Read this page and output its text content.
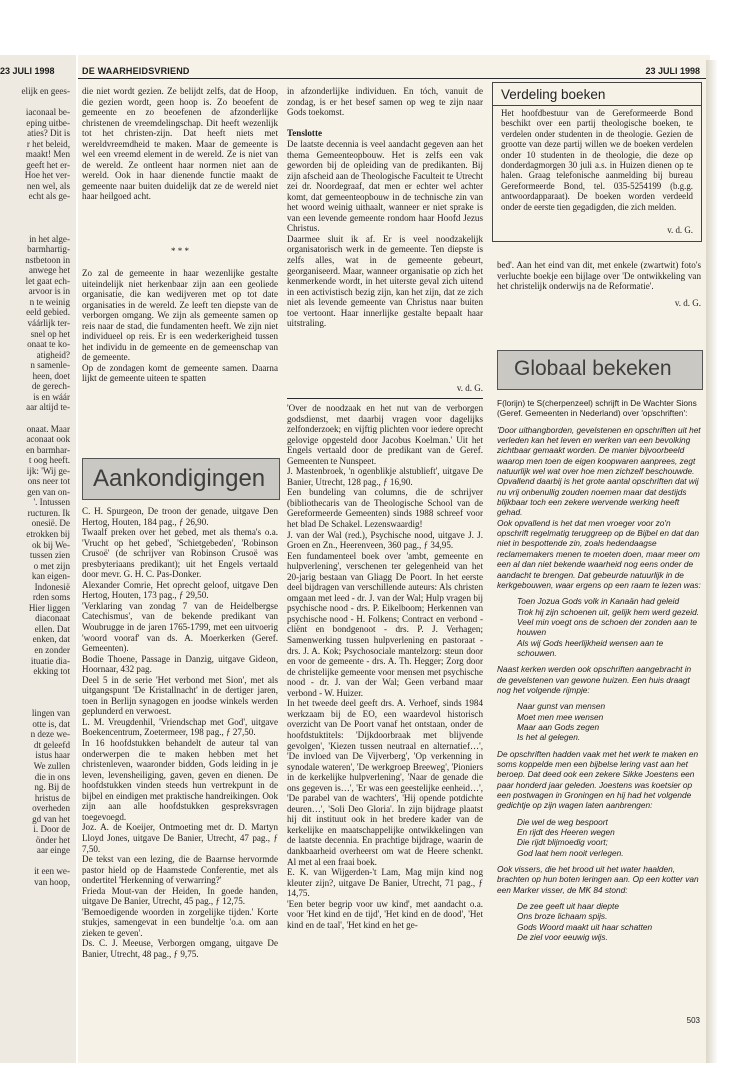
23 JULI 1998
elijk en gees-

iaconaal be-
eping uitbe-
aties? Dit is
r het beleid,
maakt! Men
geeft het er-
Hoe het ver-
nen wel, als
echt als ge-

in het alge-
barmhartig-
nstbetoon in
anwege het
let gaat ech-
arvoor is in
n te weinig
eeld gebied.
váárlijk ter-
snel op het
onaat te ko-
atigheid?
n samenle-
heen, doet
de gerech-
is en wáár
aar altijd te-

onaat. Maar
aconaat ook
en barmhar-
t oog heeft.
ijk: 'Wij ge-
ons neer tot
gen van on-
'. Intussen
ructuren. Ik
onesië. De
etrokken bij
ok bij We-
tussen zien
o met zijn
kan eigen-
Indonesië
rden soms
Hier liggen
diaconaat
ellen. Dat
enken, dat
en zonder
ituatie dia-
ekking tot

lingen van
otte is, dat
n deze we-
dt geleefd
istus haar
We zullen
die in ons
ng. Bij de
hristus de
overheden
gd van het
i. Door de
önder het
aar einge

it een we-
van hoop,
DE WAARHEIDSVRIEND	23 JULI 1998

die niet wordt gezien. Ze belijdt zelfs, dat de Hoop, die gezien wordt, geen hoop is. Zo beoefent de gemeente en zo beoefenen de afzonderlijke christenen de vreemdelingschap. Dit heeft wezenlijk tot het christen-zijn. Dat heeft niets met wereldvreemdheid te maken. Maar de gemeente is wel een vreemd element in de wereld. Ze is niet van de wereld. Ze ontleent haar normen niet aan de wereld. Ook in haar dienende functie maakt de gemeente naar buiten duidelijk dat ze de wereld niet haar heilgoed acht.

* * *

Zo zal de gemeente in haar wezenlijke gestalte uiteindelijk niet herkenbaar zijn aan een geoliede organisatie, die kan wedijveren met op tot date organisaties in de wereld. Ze leeft ten diepste van de verborgen omgang. We zijn als gemeente samen op reis naar de stad, die fundamenten heeft. We zijn niet individueel op reis. Er is een wederkerigheid tussen het individu in de gemeente en de gemeenschap van de gemeente.

Op de zondagen komt de gemeente samen. Daarna lijkt de gemeente uiteen te spatten

in afzonderlijke individuen. En tóch, vanuit de zondag, is er het besef samen op weg te zijn naar Gods toekomst.

Tenslotte

De laatste decennia is veel aandacht gegeven aan het thema Gemeenteopbouw. Het is zelfs een vak geworden bij de opleiding van de predikanten. Bij zijn afscheid aan de Theologische Faculteit te Utrecht zei dr. Noordegraaf, dat men er echter wel achter komt, dat gemeenteopbouw in de technische zin van het woord weinig uithaalt, wanneer er niet sprake is van een levende gemeente rondom haar Hoofd Jezus Christus.

Daarmee sluit ik af. Er is veel noodzakelijk organisatorisch werk in de gemeente. Ten diepste is zelfs alles, wat in de gemeente gebeurt, georganiseerd. Maar, wanneer organisatie op zich het kenmerkende wordt, in het uiterste geval zich uitend in een activistisch bezig zijn, kan het zijn, dat ze zich niet als levende gemeente van Christus naar buiten toe vertoont. Haar innerlijke gestalte bepaalt haar uitstraling.

v. d. G.
Aankondigingen

C. H. Spurgeon, De troon der genade, uitgave Den Hertog, Houten, 184 pag., ƒ 26,90.

Twaalf preken over het gebed, met als thema's o.a. 'Vrucht op het gebed', 'Schietgebeden', 'Robinson Crusoë' (de schrijver van Robinson Crusoë was presbyteriaans predikant); uit het Engels vertaald door mevr. G. H. C. Pas-Donker.

Alexander Comrie, Het oprecht geloof, uitgave Den Hertog, Houten, 173 pag., ƒ 29,50.

'Verklaring van zondag 7 van de Heidelbergse Catechismus', van de bekende predikant van Woubrugge in de jaren 1765-1799, met een uitvoerig 'woord vooraf' van ds. A. Moerkerken (Geref. Gemeenten).

Bodie Thoene, Passage in Danzig, uitgave Gideon, Hoornaar, 432 pag.

Deel 5 in de serie 'Het verbond met Sion', met als uitgangspunt 'De Kristallnacht' in de dertiger jaren, toen in Berlijn synagogen en joodse winkels werden geplunderd en verwoest.

L. M. Vreugdenhil, 'Vriendschap met God', uitgave Boekencentrum, Zoetermeer, 198 pag., ƒ 27,50.

In 16 hoofdstukken behandelt de auteur tal van onderwerpen die te maken hebben met het christenleven, waaronder bidden, Gods leiding in je leven, levensheiliging, gaven, geven en dienen. De hoofdstukken vinden steeds hun vertrekpunt in de bijbel en eindigen met praktische handreikingen. Ook zijn aan alle hoofdstukken gespreksvragen toegevoegd.

Joz. A. de Koeijer, Ontmoeting met dr. D. Martyn Lloyd Jones, uitgave De Banier, Utrecht, 47 pag., ƒ 7,50.

De tekst van een lezing, die de Baarnse hervormde pastor hield op de Haamstede Conferentie, met als ondertitel 'Herkenning of verwarring?'

Frieda Mout-van der Heiden, In goede handen, uitgave De Banier, Utrecht, 45 pag., ƒ 12,75.

'Bemoedigende woorden in zorgelijke tijden.' Korte stukjes, samengevat in een bundeltje 'o.a. om aan zieken te geven'.

Ds. C. J. Meeuse, Verborgen omgang, uitgave De Banier, Utrecht, 48 pag., ƒ 9,75.

'Over de noodzaak en het nut van de verborgen godsdienst, met daarbij vragen voor dagelijks zelfonderzoek; en vijftig plichten voor iedere oprecht gelovige opgesteld door Jacobus Koelman.' Uit het Engels vertaald door de predikant van de Geref. Gemeenten te Nunspeet.

J. Mastenbroek, 'n ogenblikje alstublieft', uitgave De Banier, Utrecht, 128 pag., ƒ 16,90.

Een bundeling van columns, die de schrijver (bibliothecaris van de Theologische School van de Gereformeerde Gemeenten) sinds 1988 schreef voor het blad De Schakel. Lezenswaardig!

J. van der Wal (red.), Psychische nood, uitgave J. J. Groen en Zn., Heerenveen, 360 pag., ƒ 34,95.

Een fundamenteel boek over 'ambt, gemeente en hulpverlening', verschenen ter gelegenheid van het 20-jarig bestaan van Gliagg De Poort. In het eerste deel bijdragen van verschillende auteurs: Als christen omgaan met leed - dr. J. van der Wal; Hulp vragen bij psychische nood - drs. P. Eikelboom; Herkennen van psychische nood - H. Folkens; Contract en verbond - cliënt en bondgenoot - drs. P. J. Verhagen; Samenwerking tussen hulpverlening en pastoraat - drs. J. A. Kok; Psychosociale mantelzorg: steun door en voor de gemeente - drs. A. Th. Hegger; Zorg door de christelijke gemeente voor mensen met psychische nood - dr. J. van der Wal; Geen verband maar verbond - W. Huizer.

In het tweede deel geeft drs. A. Verhoef, sinds 1984 werkzaam bij de EO, een waardevol historisch overzicht van De Poort vanaf het ontstaan, onder de hoofdstuktitels: 'Dijkdoorbraak met blijvende gevolgen', 'Kiezen tussen neutraal en alternatief…', 'De invloed van De Vijverberg', 'Op verkenning in synodale wateren', 'De werkgroep Breeweg', 'Pioniers in de kerkelijke hulpverlening', 'Naar de genade die ons gegeven is…', 'Er was een geestelijke eenheid…', 'De parabel van de wachters', 'Hij opende potdichte deuren…', 'Soli Deo Gloria'. In zijn bijdrage plaatst hij dit instituut ook in het bredere kader van de kerkelijke en maatschappelijke ontwikkelingen van de laatste decennia. En prachtige bijdrage, waarin de dankbaarheid overheerst om wat de Heere schenkt. Al met al een fraai boek.

E. K. van Wijgerden-'t Lam, Mag mijn kind nog kleuter zijn?, uitgave De Banier, Utrecht, 71 pag., ƒ 14,75.

'Een beter begrip voor uw kind', met aandacht o.a. voor 'Het kind en de tijd', 'Het kind en de dood', 'Het kind en de taal', 'Het kind en het ge-

Verdeling boeken
Het hoofdbestuur van de Gereformeerde Bond beschikt over een partij theologische boeken, te verdelen onder studenten in de theologie. Gezien de grootte van deze partij willen we de boeken verdelen onder 10 studenten in de theologie, die deze op donderdagmorgen 30 juli a.s. in Huizen dienen op te halen. Graag telefonische aanmelding bij bureau Gereformeerde Bond, tel. 035-5254199 (b.g.g. antwoordapparaat). De boeken worden verdeeld onder de eerste tien gegadigden, die zich melden.
v. d. G.
bed'. Aan het eind van dit, met enkele (zwartwit) foto's verluchte boekje een bijlage over 'De ontwikkeling van het christelijk onderwijs na de Reformatie'.
v. d. G.
Globaal bekeken
F(lorijn) te S(cherpenzeel) schrijft in De Wachter Sions (Geref. Gemeenten in Nederland) over 'opschriften':
'Door uithangborden, gevelstenen en opschriften uit het verleden kan het leven en werken van een bevolking zichtbaar gemaakt worden. De manier bijvoorbeeld waarop men toen de eigen koopwaren aanprees, zegt natuurlijk wel wat over hoe men zichzelf beschouwde. Opvallend daarbij is het grote aantal opschriften dat wij nu vrij onbenullig zouden noemen maar dat destijds blijkbaar toch een zekere wervende werking heeft gehad.
Ook opvallend is het dat men vroeger voor zo'n opschrift regelmatig teruggreep op de Bijbel en dat dan niet in bespottende zin, zoals hedendaagse reclamemakers menen te moeten doen, maar meer om een al dan niet bekende waarheid nog eens onder de aandacht te brengen. Dat gebeurde natuurlijk in de kerkgebouwen, waar ergens op een raam te lezen was:

Toen Jozua Gods volk in Kanaän had geleid

Trok hij zijn schoenen uit, gelijk hem werd gezeid.

Veel min voegt ons de schoen der zonden aan te houwen

Als wij Gods heerlijkheid wensen aan te schouwen.

Naast kerken werden ook opschriften aangebracht in de gevelstenen van gewone huizen. Een huis draagt nog het volgende rijmpje:

Naar gunst van mensen

Moet men mee wensen

Maar aan Gods zegen

Is het al gelegen.

De opschriften hadden vaak met het werk te maken en soms koppelde men een bijbelse lering vast aan het beroep. Dat deed ook een zekere Sikke Joestens een paar honderd jaar geleden. Joestens was koetsier op een postwagen in Groningen en hij had het volgende gedichtje op zijn wagen laten aanbrengen:

Die wel de weg bespoort

En rijdt des Heeren wegen

Die rijdt blijmoedig voort;

God laat hem nooit verlegen.

Ook vissers, die het brood uit het water haalden, brachten op hun boten leringen aan. Op een kotter van een Marker visser, de MK 84 stond:

De zee geeft uit haar diepte

Ons broze lichaam spijs.

Gods Woord maakt uit haar schatten

De ziel voor eeuwig wijs.

503
